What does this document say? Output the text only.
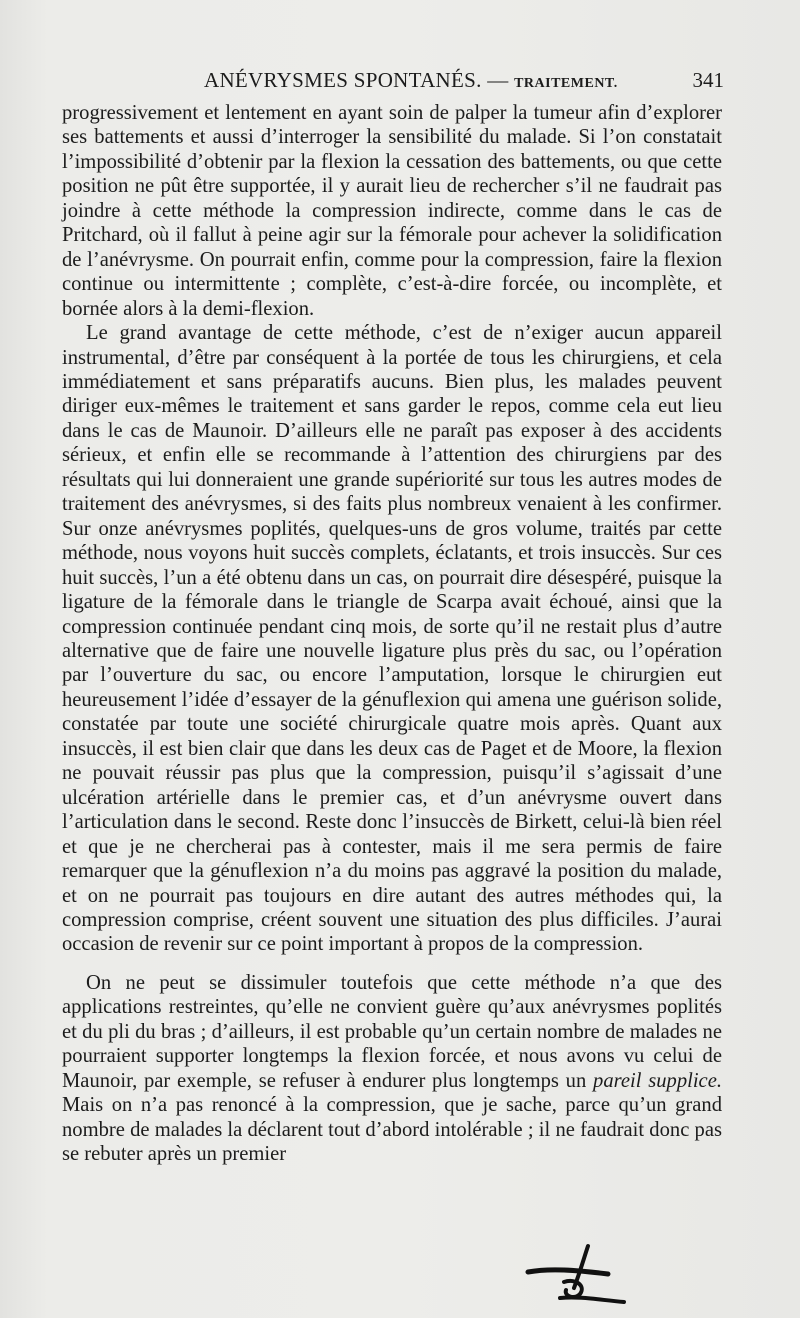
ANÉVRYSMES SPONTANÉS. — TRAITEMENT.	341

progressivement et lentement en ayant soin de palper la tumeur afin d’explorer ses battements et aussi d’interroger la sensibilité du malade. Si l’on constatait l’impossibilité d’obtenir par la flexion la cessation des battements, ou que cette position ne pût être supportée, il y aurait lieu de rechercher s’il ne faudrait pas joindre à cette méthode la compression indirecte, comme dans le cas de Pritchard, où il fallut à peine agir sur la fémorale pour achever la solidification de l’anévrysme. On pourrait enfin, comme pour la compression, faire la flexion continue ou intermittente ; complète, c’est-à-dire forcée, ou incomplète, et bornée alors à la demi-flexion.

Le grand avantage de cette méthode, c’est de n’exiger aucun appareil instrumental, d’être par conséquent à la portée de tous les chirurgiens, et cela immédiatement et sans préparatifs aucuns. Bien plus, les malades peuvent diriger eux-mêmes le traitement et sans garder le repos, comme cela eut lieu dans le cas de Maunoir. D’ailleurs elle ne paraît pas exposer à des accidents sérieux, et enfin elle se recommande à l’attention des chirurgiens par des résultats qui lui donneraient une grande supériorité sur tous les autres modes de traitement des anévrysmes, si des faits plus nombreux venaient à les confirmer. Sur onze anévrysmes poplités, quelques-uns de gros volume, traités par cette méthode, nous voyons huit succès complets, éclatants, et trois insuccès. Sur ces huit succès, l’un a été obtenu dans un cas, on pourrait dire désespéré, puisque la ligature de la fémorale dans le triangle de Scarpa avait échoué, ainsi que la compression continuée pendant cinq mois, de sorte qu’il ne restait plus d’autre alternative que de faire une nouvelle ligature plus près du sac, ou l’opération par l’ouverture du sac, ou encore l’amputation, lorsque le chirurgien eut heureusement l’idée d’essayer de la génuflexion qui amena une guérison solide, constatée par toute une société chirurgicale quatre mois après. Quant aux insuccès, il est bien clair que dans les deux cas de Paget et de Moore, la flexion ne pouvait réussir pas plus que la compression, puisqu’il s’agissait d’une ulcération artérielle dans le premier cas, et d’un anévrysme ouvert dans l’articulation dans le second. Reste donc l’insuccès de Birkett, celui-là bien réel et que je ne chercherai pas à contester, mais il me sera permis de faire remarquer que la génuflexion n’a du moins pas aggravé la position du malade, et on ne pourrait pas toujours en dire autant des autres méthodes qui, la compression comprise, créent souvent une situation des plus difficiles. J’aurai occasion de revenir sur ce point important à propos de la compression.

On ne peut se dissimuler toutefois que cette méthode n’a que des applications restreintes, qu’elle ne convient guère qu’aux anévrysmes poplités et du pli du bras ; d’ailleurs, il est probable qu’un certain nombre de malades ne pourraient supporter longtemps la flexion forcée, et nous avons vu celui de Maunoir, par exemple, se refuser à endurer plus longtemps un pareil supplice. Mais on n’a pas renoncé à la compression, que je sache, parce qu’un grand nombre de malades la déclarent tout d’abord intolérable ; il ne faudrait donc pas se rebuter après un premier
